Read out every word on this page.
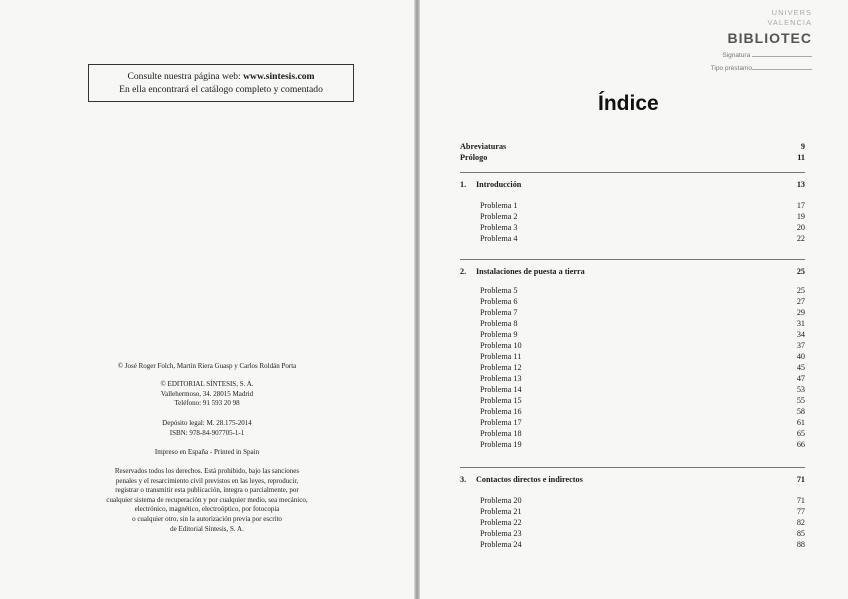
Consulte nuestra página web: www.sintesis.com
En ella encontrará el catálogo completo y comentado
© José Roger Folch, Martín Riera Guasp y Carlos Roldán Porta
© EDITORIAL SÍNTESIS, S. A.
Vallehermoso, 34. 28015 Madrid
Teléfono: 91 593 20 98
Depósito legal: M. 28.175-2014
ISBN: 978-84-907705-1-1
Impreso en España - Printed in Spain
Reservados todos los derechos. Está prohibido, bajo las sanciones
penales y el resarcimiento civil previstos en las leyes, reproducir,
registrar o transmitir esta publicación, íntegra o parcialmente, por
cualquier sistema de recuperación y por cualquier medio, sea mecánico,
electrónico, magnético, electroóptico, por fotocopia
o cualquier otro, sin la autorización previa por escrito
de Editorial Síntesis, S. A.
UNIVERS
VALENCIA
BIBLIOTEC
Signatura
Tipo préstamo
Índice
Abreviaturas	9
Prólogo	11
1. Introducción	13
Problema 1	17
Problema 2	19
Problema 3	20
Problema 4	22
2. Instalaciones de puesta a tierra	25
Problema 5	25
Problema 6	27
Problema 7	29
Problema 8	31
Problema 9	34
Problema 10	37
Problema 11	40
Problema 12	45
Problema 13	47
Problema 14	53
Problema 15	55
Problema 16	58
Problema 17	61
Problema 18	65
Problema 19	66
3. Contactos directos e indirectos	71
Problema 20	71
Problema 21	77
Problema 22	82
Problema 23	85
Problema 24	88
